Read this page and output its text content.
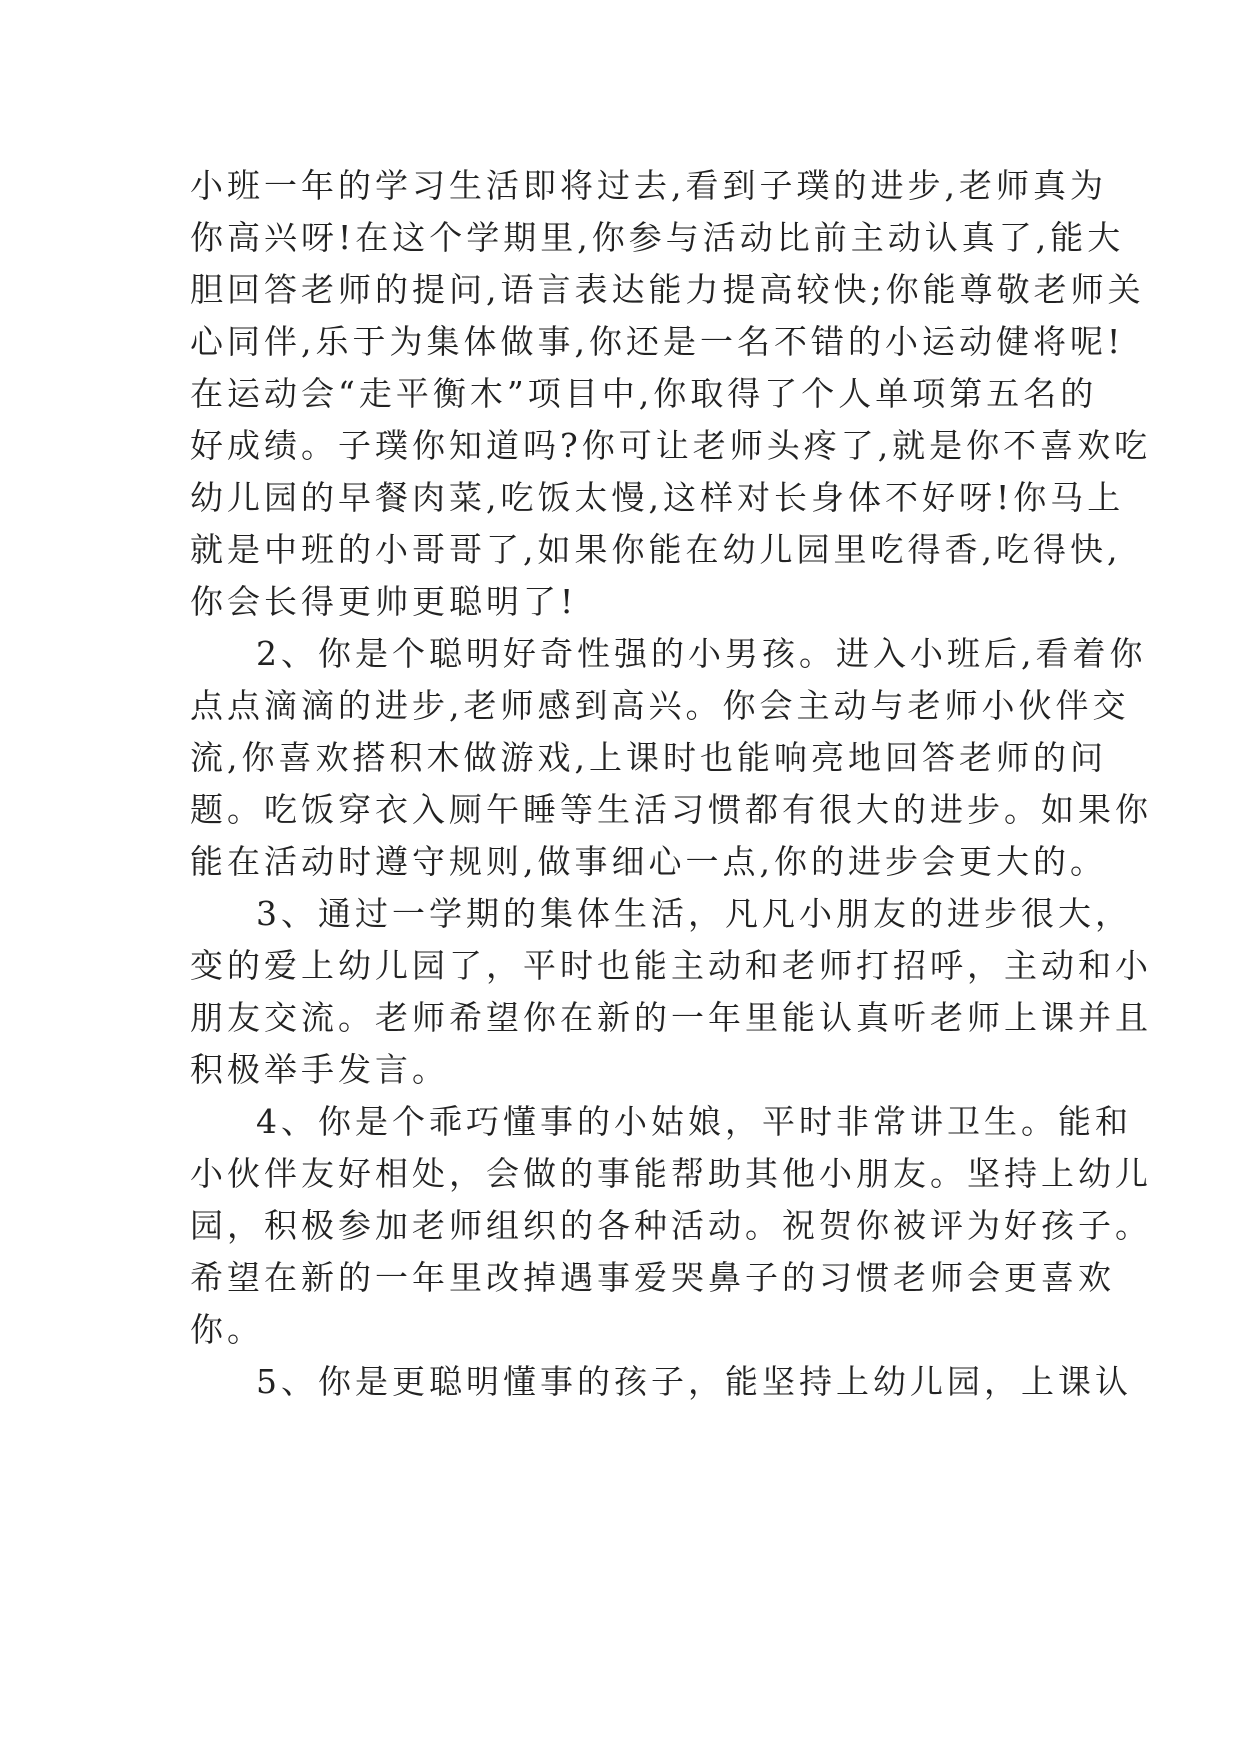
小班一年的学习生活即将过去,看到子璞的进步,老师真为
你高兴呀!在这个学期里,你参与活动比前主动认真了,能大
胆回答老师的提问,语言表达能力提高较快;你能尊敬老师关
心同伴,乐于为集体做事,你还是一名不错的小运动健将呢!
在运动会“走平衡木”项目中,你取得了个人单项第五名的
好成绩。子璞你知道吗?你可让老师头疼了,就是你不喜欢吃
幼儿园的早餐肉菜,吃饭太慢,这样对长身体不好呀!你马上
就是中班的小哥哥了,如果你能在幼儿园里吃得香,吃得快,
你会长得更帅更聪明了!
2、你是个聪明好奇性强的小男孩。进入小班后,看着你
点点滴滴的进步,老师感到高兴。你会主动与老师小伙伴交
流,你喜欢搭积木做游戏,上课时也能响亮地回答老师的问
题。吃饭穿衣入厕午睡等生活习惯都有很大的进步。如果你
能在活动时遵守规则,做事细心一点,你的进步会更大的。
3、通过一学期的集体生活，凡凡小朋友的进步很大，
变的爱上幼儿园了，平时也能主动和老师打招呼，主动和小
朋友交流。老师希望你在新的一年里能认真听老师上课并且
积极举手发言。
4、你是个乖巧懂事的小姑娘，平时非常讲卫生。能和
小伙伴友好相处，会做的事能帮助其他小朋友。坚持上幼儿
园，积极参加老师组织的各种活动。祝贺你被评为好孩子。
希望在新的一年里改掉遇事爱哭鼻子的习惯老师会更喜欢
你。
5、你是更聪明懂事的孩子，能坚持上幼儿园，上课认
